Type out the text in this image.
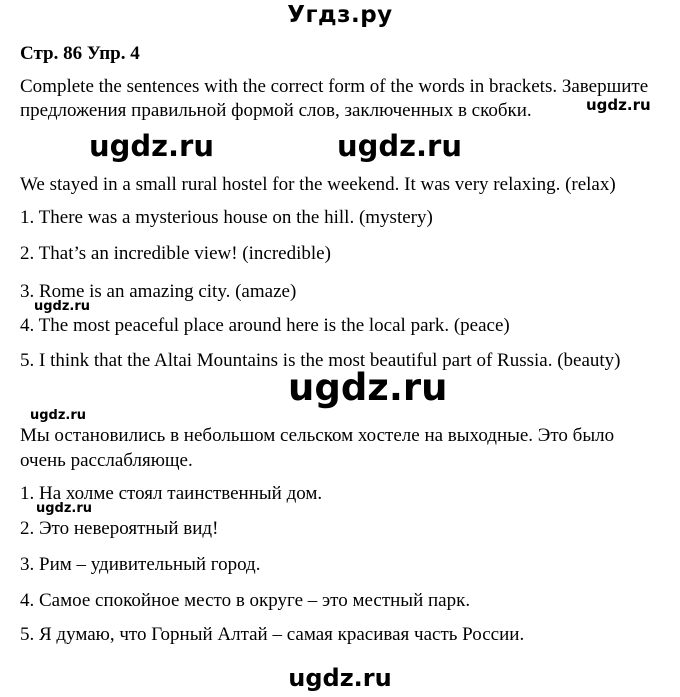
Угдз.ру
Стр. 86 Упр. 4
Complete the sentences with the correct form of the words in brackets. Завершите
предложения правильной формой слов, заключенных в скобки.	ugdz.ru
ugdz.ru	ugdz.ru
We stayed in a small rural hostel for the weekend. It was very relaxing. (relax)
1. There was a mysterious house on the hill. (mystery)
2. That’s an incredible view! (incredible)
3. Rome is an amazing city. (amaze)
ugdz.ru
4. The most peaceful place around here is the local park. (peace)
5. I think that the Altai Mountains is the most beautiful part of Russia. (beauty)
ugdz.ru
ugdz.ru
Мы остановились в небольшом сельском хостеле на выходные. Это было
очень расслабляюще.
1. На холме стоял таинственный дом.
ugdz.ru
2. Это невероятный вид!
3. Рим – удивительный город.
4. Самое спокойное место в округе – это местный парк.
5. Я думаю, что Горный Алтай – самая красивая часть России.
ugdz.ru
